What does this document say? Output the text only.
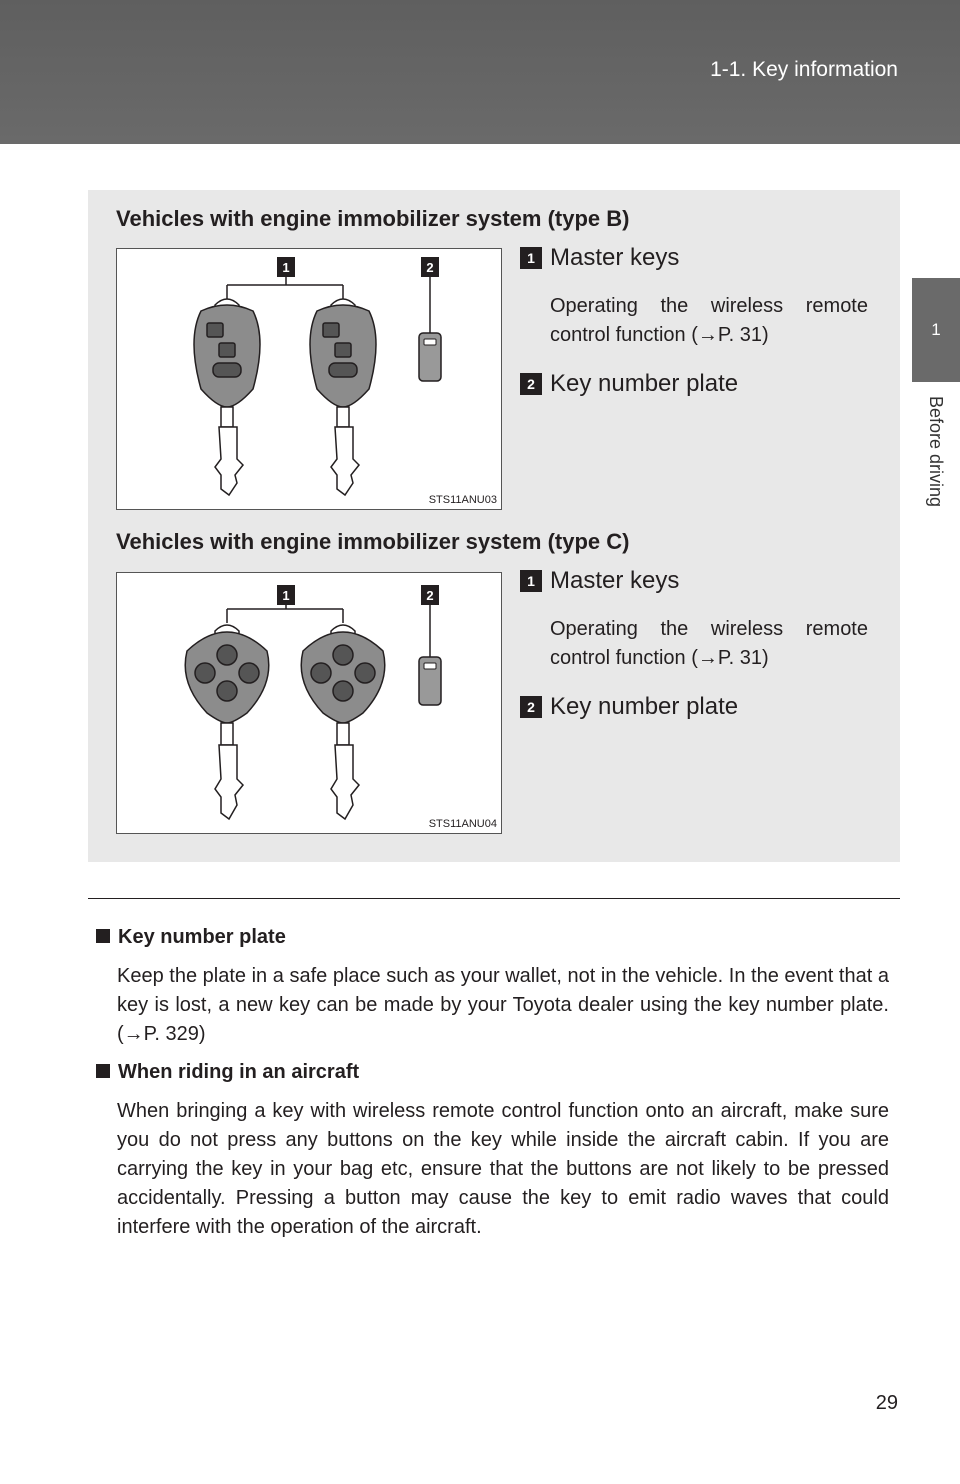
1-1. Key information
1
Before driving
Vehicles with engine immobilizer system (type B)
1	2
STS11ANU03
1 Master keys
Operating the wireless remote control function (→P. 31)
2 Key number plate
Vehicles with engine immobilizer system (type C)
1	2
STS11ANU04
1 Master keys
Operating the wireless remote control function (→P. 31)
2 Key number plate
Key number plate
Keep the plate in a safe place such as your wallet, not in the vehicle. In the event that a key is lost, a new key can be made by your Toyota dealer using the key number plate. (→P. 329)
When riding in an aircraft
When bringing a key with wireless remote control function onto an aircraft, make sure you do not press any buttons on the key while inside the aircraft cabin. If you are carrying the key in your bag etc, ensure that the buttons are not likely to be pressed accidentally. Pressing a button may cause the key to emit radio waves that could interfere with the operation of the aircraft.
29
